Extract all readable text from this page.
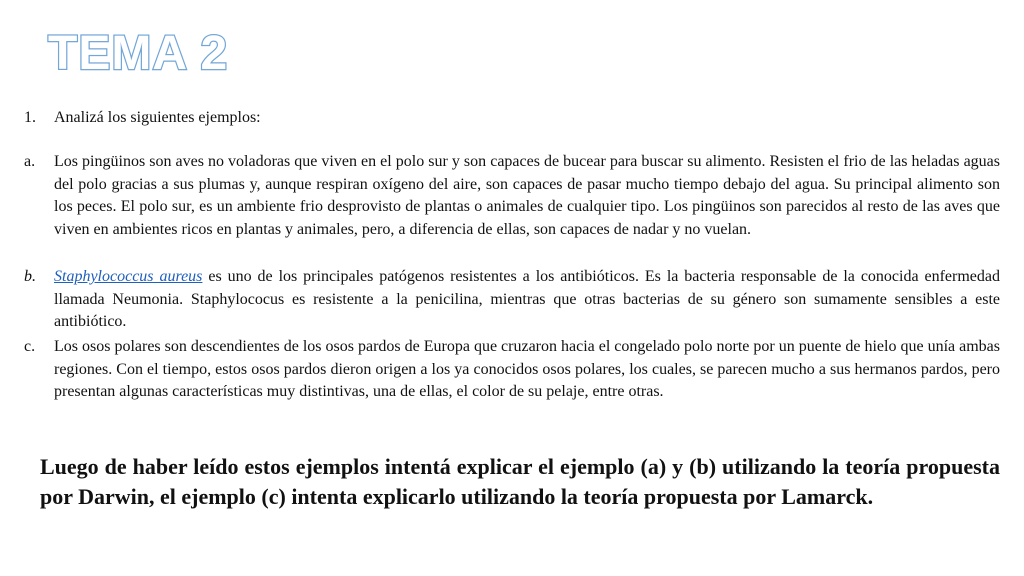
TEMA 2
1. Analizá los siguientes ejemplos:
a. Los pingüinos son aves no voladoras que viven en el polo sur y son capaces de bucear para buscar su alimento. Resisten el frio de las heladas aguas del polo gracias a sus plumas y, aunque respiran oxígeno del aire, son capaces de pasar mucho tiempo debajo del agua. Su principal alimento son los peces. El polo sur, es un ambiente frio desprovisto de plantas o animales de cualquier tipo. Los pingüinos son parecidos al resto de las aves que viven en ambientes ricos en plantas y animales, pero, a diferencia de ellas, son capaces de nadar y no vuelan.
b. Staphylococcus aureus es uno de los principales patógenos resistentes a los antibióticos. Es la bacteria responsable de la conocida enfermedad llamada Neumonia. Staphylococus es resistente a la penicilina, mientras que otras bacterias de su género son sumamente sensibles a este antibiótico.
c. Los osos polares son descendientes de los osos pardos de Europa que cruzaron hacia el congelado polo norte por un puente de hielo que unía ambas regiones. Con el tiempo, estos osos pardos dieron origen a los ya conocidos osos polares, los cuales, se parecen mucho a sus hermanos pardos, pero presentan algunas características muy distintivas, una de ellas, el color de su pelaje, entre otras.
Luego de haber leído estos ejemplos intentá explicar el ejemplo (a) y (b) utilizando la teoría propuesta por Darwin, el ejemplo (c) intenta explicarlo utilizando la teoría propuesta por Lamarck.
